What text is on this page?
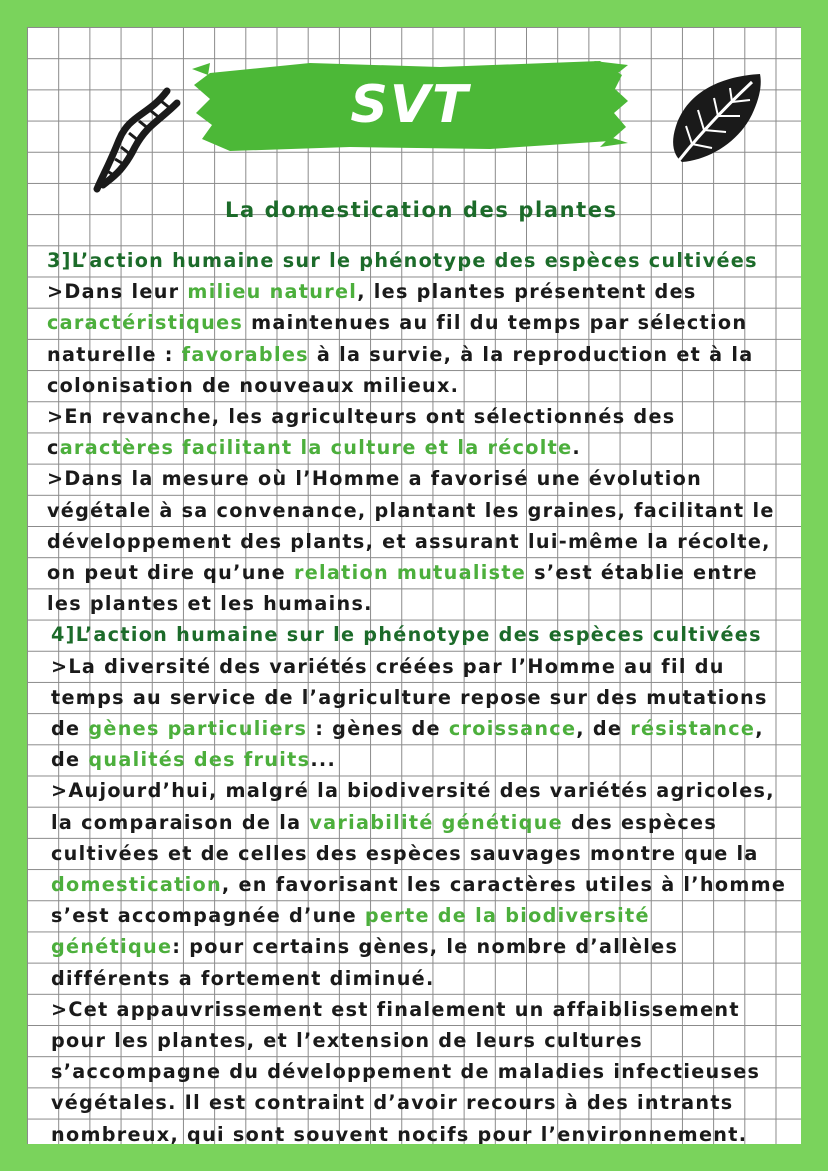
SVT
La domestication des plantes
3]L’action humaine sur le phénotype des espèces cultivées

>Dans leur milieu naturel, les plantes présentent des caractéristiques maintenues au fil du temps par sélection naturelle : favorables à la survie, à la reproduction et à la colonisation de nouveaux milieux.

>En revanche, les agriculteurs ont sélectionnés des caractères facilitant la culture et la récolte.

>Dans la mesure où l’Homme a favorisé une évolution végétale à sa convenance, plantant les graines, facilitant le développement des plants, et assurant lui-même la récolte, on peut dire qu’une relation mutualiste s’est établie entre les plantes et les humains.

4]L’action humaine sur le phénotype des espèces cultivées

>La diversité des variétés créées par l’Homme au fil du temps au service de l’agriculture repose sur des mutations de gènes particuliers : gènes de croissance, de résistance, de qualités des fruits...

>Aujourd’hui, malgré la biodiversité des variétés agricoles, la comparaison de la variabilité génétique des espèces cultivées et de celles des espèces sauvages montre que la domestication, en favorisant les caractères utiles à l’homme s’est accompagnée d’une perte de la biodiversité génétique: pour certains gènes, le nombre d’allèles différents a fortement diminué.

>Cet appauvrissement est finalement un affaiblissement pour les plantes, et l’extension de leurs cultures s’accompagne du développement de maladies infectieuses végétales. Il est contraint d’avoir recours à des intrants nombreux, qui sont souvent nocifs pour l’environnement.
